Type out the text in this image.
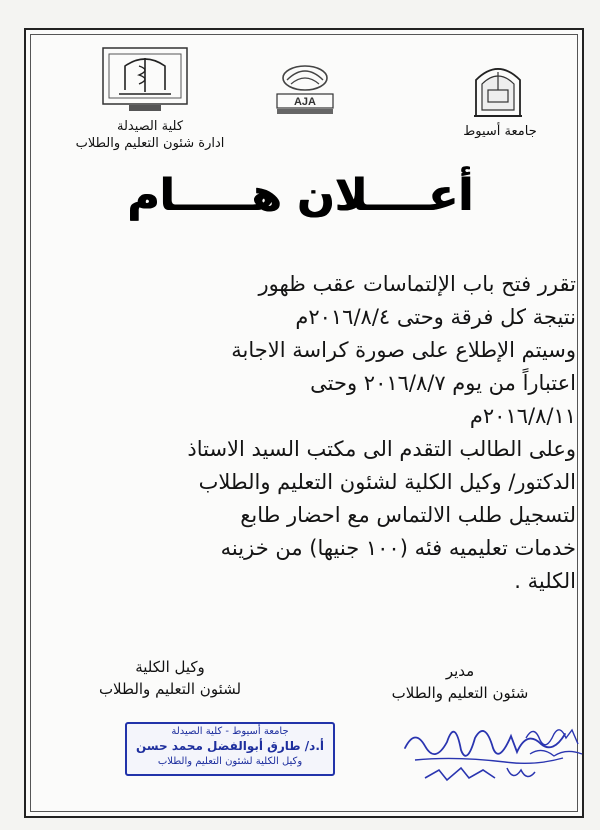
AJA
كلية الصيدلة
ادارة شئون التعليم والطلاب
جامعة أسيوط
أعــــلان هـــــام
تقرر فتح باب الإلتماسات عقب ظهور
نتيجة كل فرقة وحتى ٢٠١٦/٨/٤م
وسيتم الإطلاع على صورة كراسة الاجابة
اعتباراً من يوم ٢٠١٦/٨/٧ وحتى
٢٠١٦/٨/١١م
وعلى الطالب التقدم الى مكتب السيد الاستاذ
الدكتور/ وكيل الكلية لشئون التعليم والطلاب
لتسجيل طلب الالتماس مع احضار طابع
خدمات تعليميه فئه (١٠٠ جنيها) من خزينه
الكلية .
وكيل الكلية
لشئون التعليم والطلاب
مدير
شئون التعليم والطلاب
جامعة أسيوط - كلية الصيدلة
أ.د/ طارق أبوالفضل محمد حسن
وكيل الكلية لشئون التعليم والطلاب
